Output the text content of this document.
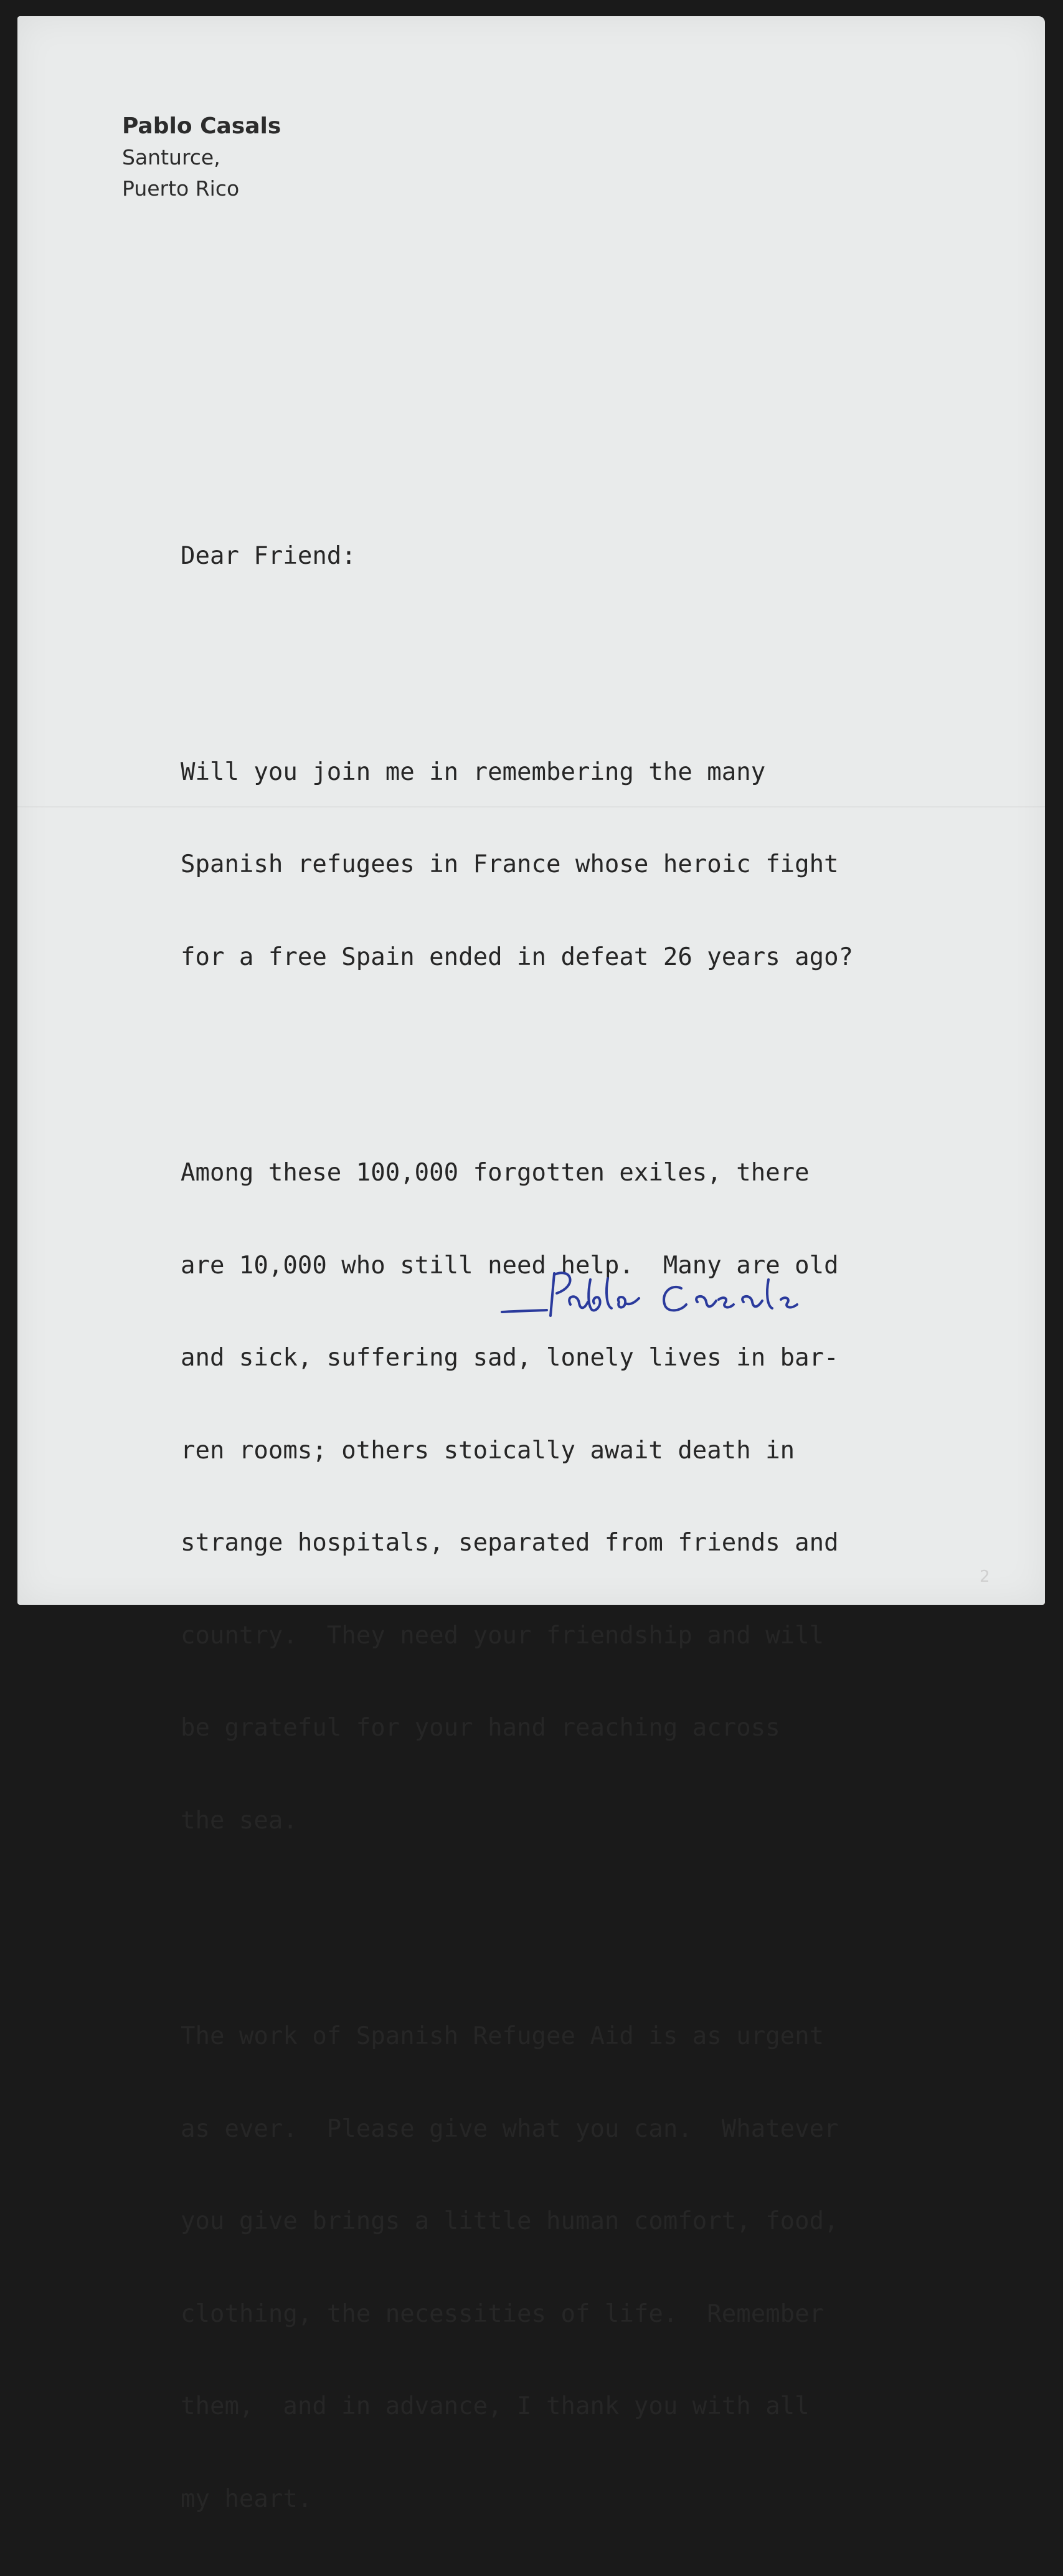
Pablo Casals
Santurce,
Puerto Rico

Dear Friend:

Will you join me in remembering the many

Spanish refugees in France whose heroic fight

for a free Spain ended in defeat 26 years ago?

Among these 100,000 forgotten exiles, there

are 10,000 who still need help.  Many are old

and sick, suffering sad, lonely lives in bar-

ren rooms; others stoically await death in

strange hospitals, separated from friends and

country.  They need your friendship and will

be grateful for your hand reaching across

the sea.

The work of Spanish Refugee Aid is as urgent

as ever.  Please give what you can.  Whatever

you give brings a little human comfort, food,

clothing, the necessities of life.  Remember

them,  and in advance, I thank you with all

my heart.

2
